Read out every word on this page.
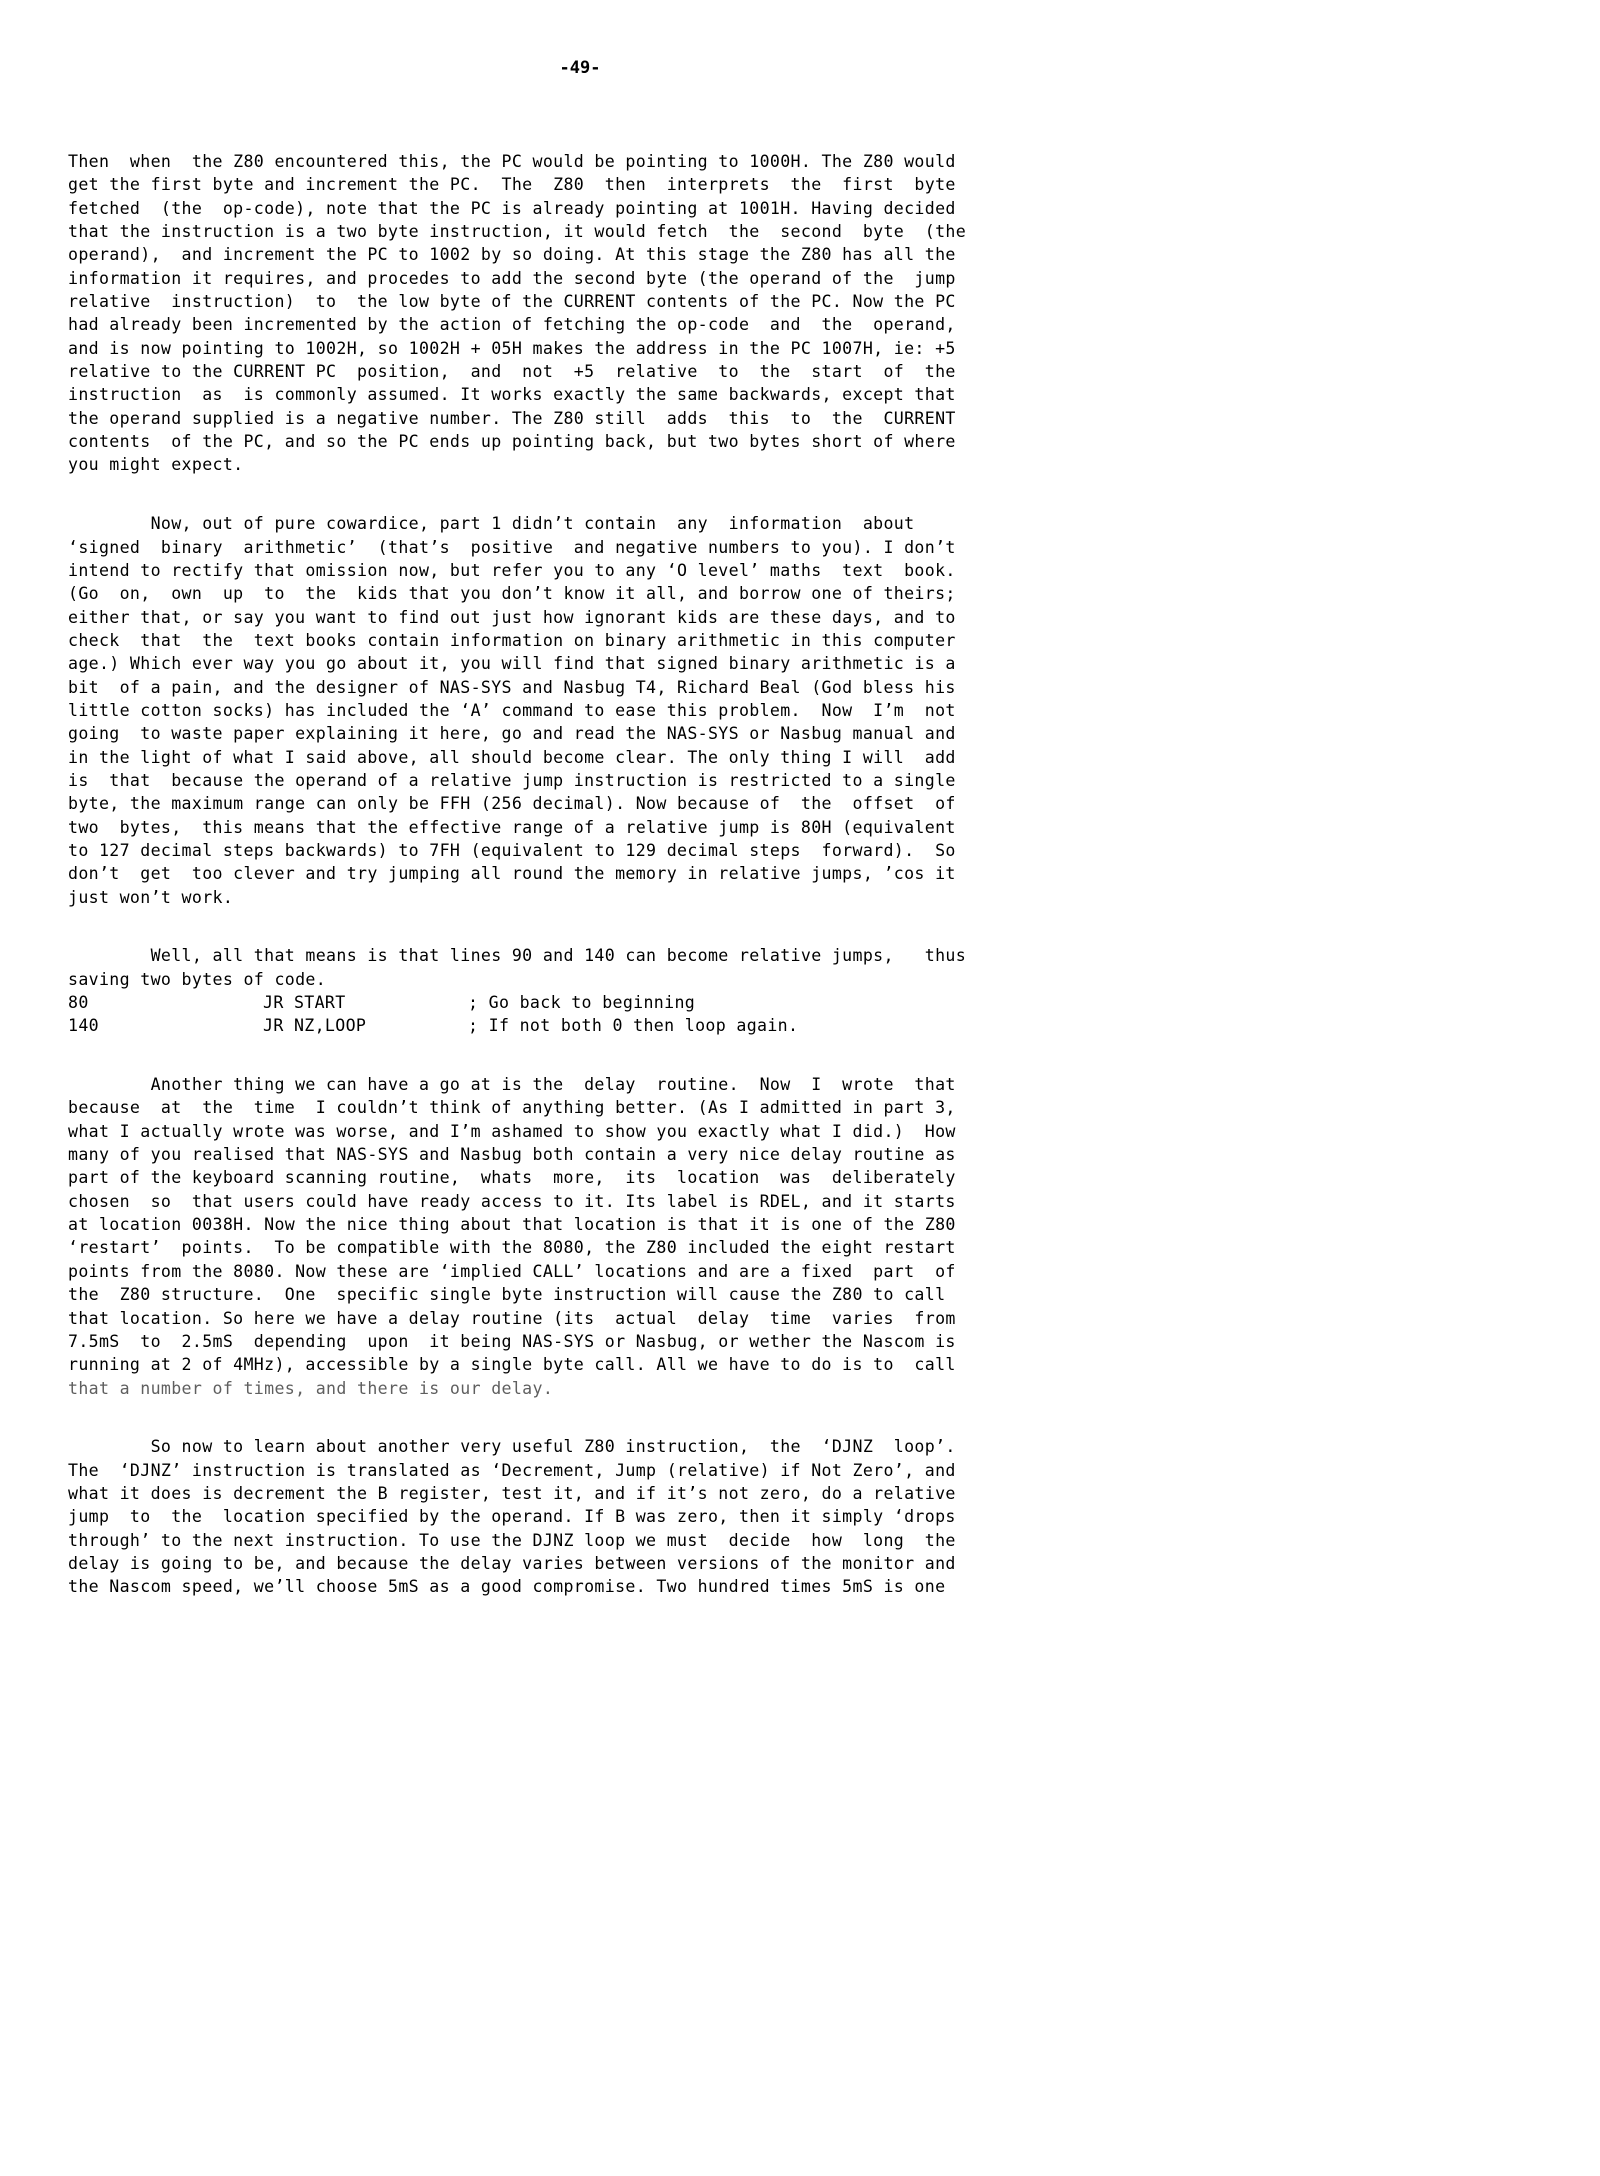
-49-
Then  when  the Z80 encountered this, the PC would be pointing to 1000H. The Z80 would
get the first byte and increment the PC.  The  Z80  then  interprets  the  first  byte
fetched  (the  op-code), note that the PC is already pointing at 1001H. Having decided
that the instruction is a two byte instruction, it would fetch  the  second  byte  (the
operand),  and increment the PC to 1002 by so doing. At this stage the Z80 has all the
information it requires, and procedes to add the second byte (the operand of the  jump
relative  instruction)  to  the low byte of the CURRENT contents of the PC. Now the PC
had already been incremented by the action of fetching the op-code  and  the  operand,
and is now pointing to 1002H, so 1002H + 05H makes the address in the PC 1007H, ie: +5
relative to the CURRENT PC  position,  and  not  +5  relative  to  the  start  of  the
instruction  as  is commonly assumed. It works exactly the same backwards, except that
the operand supplied is a negative number. The Z80 still  adds  this  to  the  CURRENT
contents  of the PC, and so the PC ends up pointing back, but two bytes short of where
you might expect.
Now, out of pure cowardice, part 1 didn’t contain  any  information  about
‘signed  binary  arithmetic’  (that’s  positive  and negative numbers to you). I don’t
intend to rectify that omission now, but refer you to any ‘O level’ maths  text  book.
(Go  on,  own  up  to  the  kids that you don’t know it all, and borrow one of theirs;
either that, or say you want to find out just how ignorant kids are these days, and to
check  that  the  text books contain information on binary arithmetic in this computer
age.) Which ever way you go about it, you will find that signed binary arithmetic is a
bit  of a pain, and the designer of NAS-SYS and Nasbug T4, Richard Beal (God bless his
little cotton socks) has included the ‘A’ command to ease this problem.  Now  I’m  not
going  to waste paper explaining it here, go and read the NAS-SYS or Nasbug manual and
in the light of what I said above, all should become clear. The only thing I will  add
is  that  because the operand of a relative jump instruction is restricted to a single
byte, the maximum range can only be FFH (256 decimal). Now because of  the  offset  of
two  bytes,  this means that the effective range of a relative jump is 80H (equivalent
to 127 decimal steps backwards) to 7FH (equivalent to 129 decimal steps  forward).  So
don’t  get  too clever and try jumping all round the memory in relative jumps, ’cos it
just won’t work.
Well, all that means is that lines 90 and 140 can become relative jumps,   thus
saving two bytes of code.
80	JR START	; Go back to beginning
140	JR NZ,LOOP	; If not both 0 then loop again.
Another thing we can have a go at is the  delay  routine.  Now  I  wrote  that
because  at  the  time  I couldn’t think of anything better. (As I admitted in part 3,
what I actually wrote was worse, and I’m ashamed to show you exactly what I did.)  How
many of you realised that NAS-SYS and Nasbug both contain a very nice delay routine as
part of the keyboard scanning routine,  whats  more,  its  location  was  deliberately
chosen  so  that users could have ready access to it. Its label is RDEL, and it starts
at location 0038H. Now the nice thing about that location is that it is one of the Z80
‘restart’  points.  To be compatible with the 8080, the Z80 included the eight restart
points from the 8080. Now these are ‘implied CALL’ locations and are a fixed  part  of
the  Z80 structure.  One  specific single byte instruction will cause the Z80 to call
that location. So here we have a delay routine (its  actual  delay  time  varies  from
7.5mS  to  2.5mS  depending  upon  it being NAS-SYS or Nasbug, or wether the Nascom is
running at 2 of 4MHz), accessible by a single byte call. All we have to do is to  call
that a number of times, and there is our delay.
So now to learn about another very useful Z80 instruction,  the  ‘DJNZ  loop’.
The  ‘DJNZ’ instruction is translated as ‘Decrement, Jump (relative) if Not Zero’, and
what it does is decrement the B register, test it, and if it’s not zero, do a relative
jump  to  the  location specified by the operand. If B was zero, then it simply ‘drops
through’ to the next instruction. To use the DJNZ loop we must  decide  how  long  the
delay is going to be, and because the delay varies between versions of the monitor and
the Nascom speed, we’ll choose 5mS as a good compromise. Two hundred times 5mS is one
